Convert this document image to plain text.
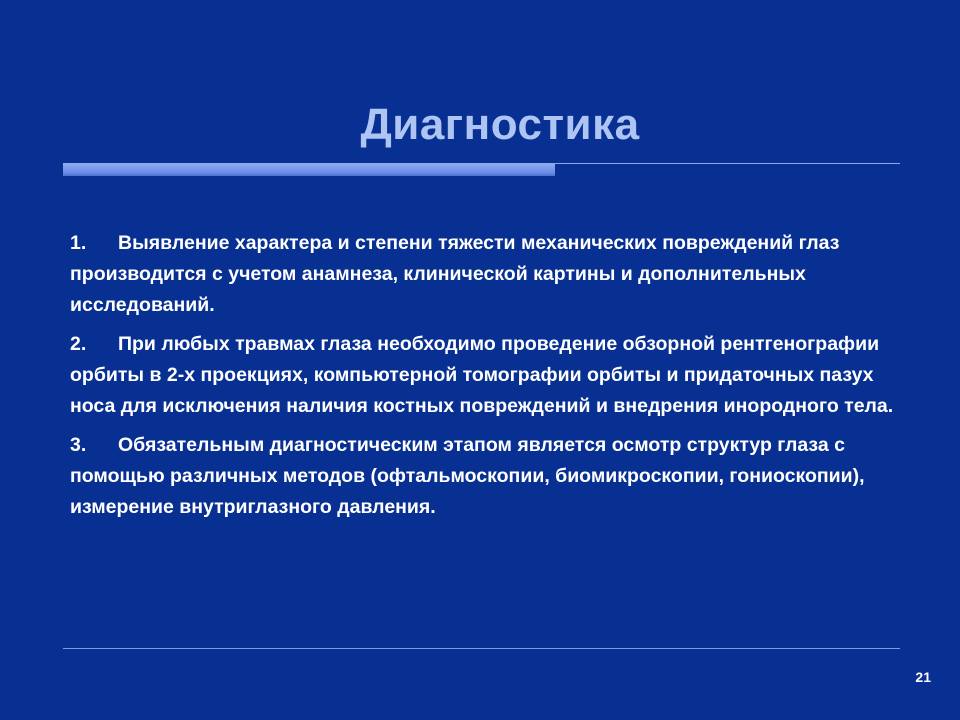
Диагностика
1. Выявление характера и степени тяжести механических повреждений глаз производится с учетом анамнеза, клинической картины и дополнительных исследований.
2. При любых травмах глаза необходимо проведение обзорной рентгенографии орбиты в 2-х проекциях, компьютерной томографии орбиты и придаточных пазух носа для исключения наличия костных повреждений и внедрения инородного тела.
3. Обязательным диагностическим этапом является осмотр структур глаза с помощью различных методов (офтальмоскопии, биомикроскопии, гониоскопии), измерение внутриглазного давления.
21
